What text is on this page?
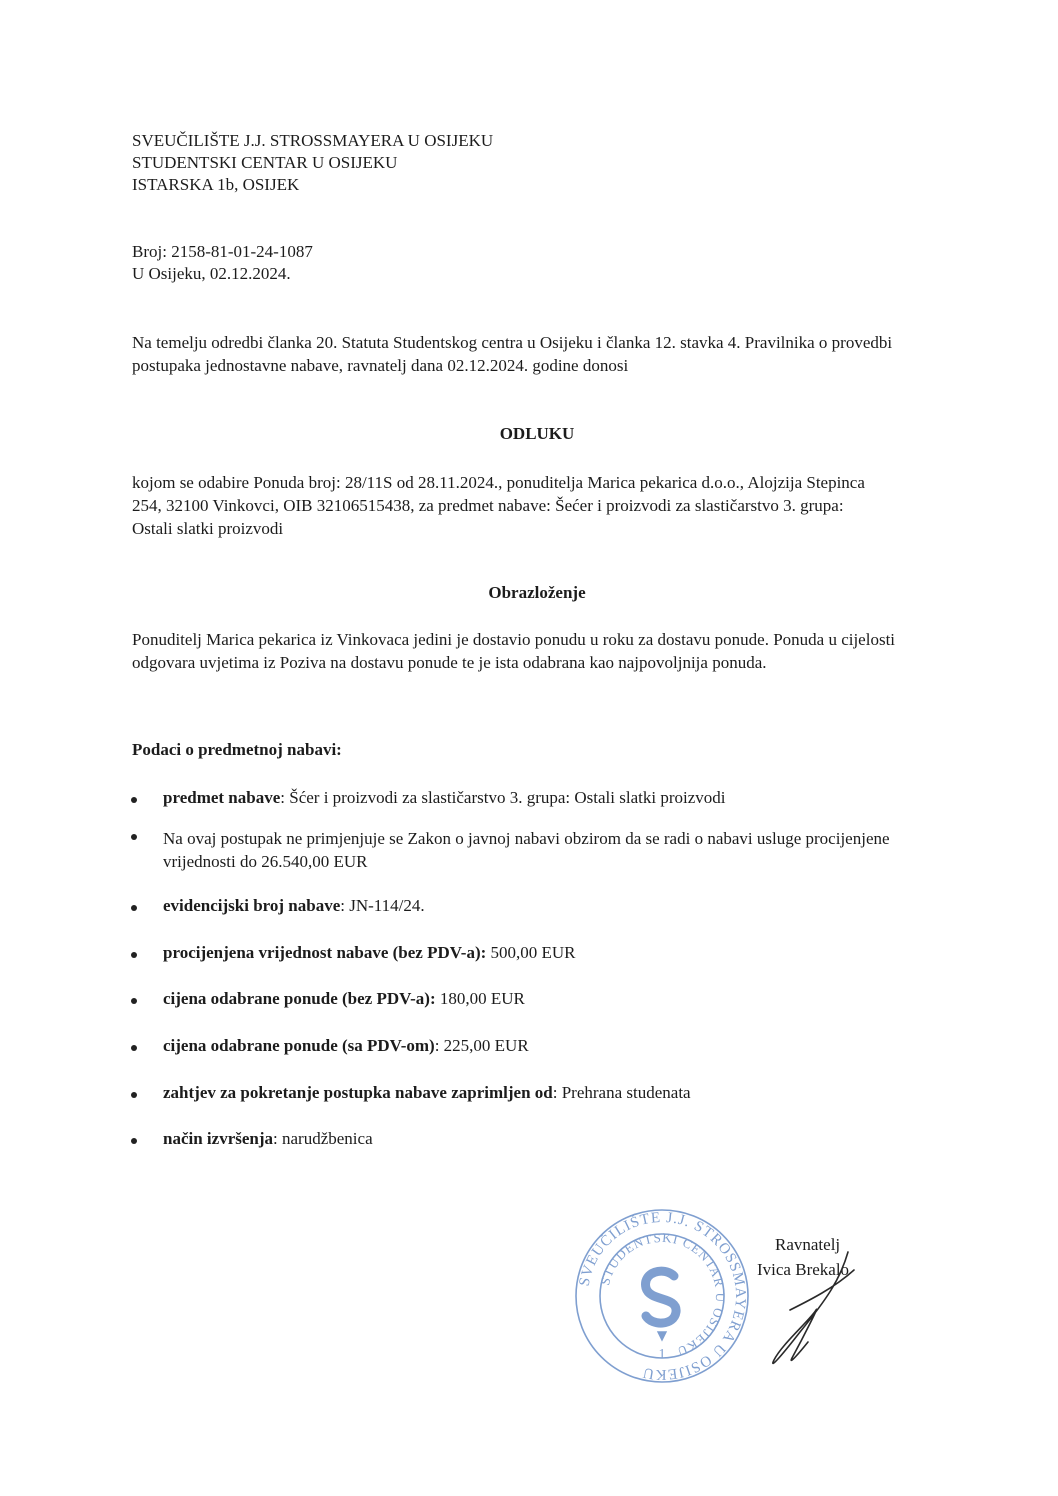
SVEUČILIŠTE J.J. STROSSMAYERA U OSIJEKU
STUDENTSKI CENTAR U OSIJEKU
ISTARSKA 1b, OSIJEK
Broj: 2158-81-01-24-1087
U Osijeku, 02.12.2024.
Na temelju odredbi članka 20. Statuta Studentskog centra u Osijeku i članka 12. stavka 4. Pravilnika o provedbi postupaka jednostavne nabave, ravnatelj dana 02.12.2024. godine donosi
ODLUKU
kojom se odabire Ponuda broj: 28/11S od 28.11.2024., ponuditelja Marica pekarica d.o.o., Alojzija Stepinca 254, 32100 Vinkovci, OIB 32106515438, za predmet nabave: Šećer i proizvodi za slastičarstvo 3. grupa: Ostali slatki proizvodi
Obrazloženje
Ponuditelj Marica pekarica iz Vinkovaca jedini je dostavio ponudu u roku za dostavu ponude. Ponuda u cijelosti odgovara uvjetima iz Poziva na dostavu ponude te je ista odabrana kao najpovoljnija ponuda.
Podaci o predmetnoj nabavi:
predmet nabave: Šćer i proizvodi za slastičarstvo 3. grupa: Ostali slatki proizvodi
Na ovaj postupak ne primjenjuje se Zakon o javnoj nabavi obzirom da se radi o nabavi usluge procijenjene vrijednosti do 26.540,00 EUR
evidencijski broj nabave: JN-114/24.
procijenjena vrijednost nabave (bez PDV-a): 500,00 EUR
cijena odabrane ponude (bez PDV-a): 180,00 EUR
cijena odabrane ponude (sa PDV-om): 225,00 EUR
zahtjev za pokretanje postupka nabave zaprimljen od: Prehrana studenata
način izvršenja: narudžbenica
SVEUČILIŠTE J.J. STROSSMAYERA U OSIJEKU
STUDENTSKI CENTAR U OSIJEKU
1
Ravnatelj
Ivica Brekalo
